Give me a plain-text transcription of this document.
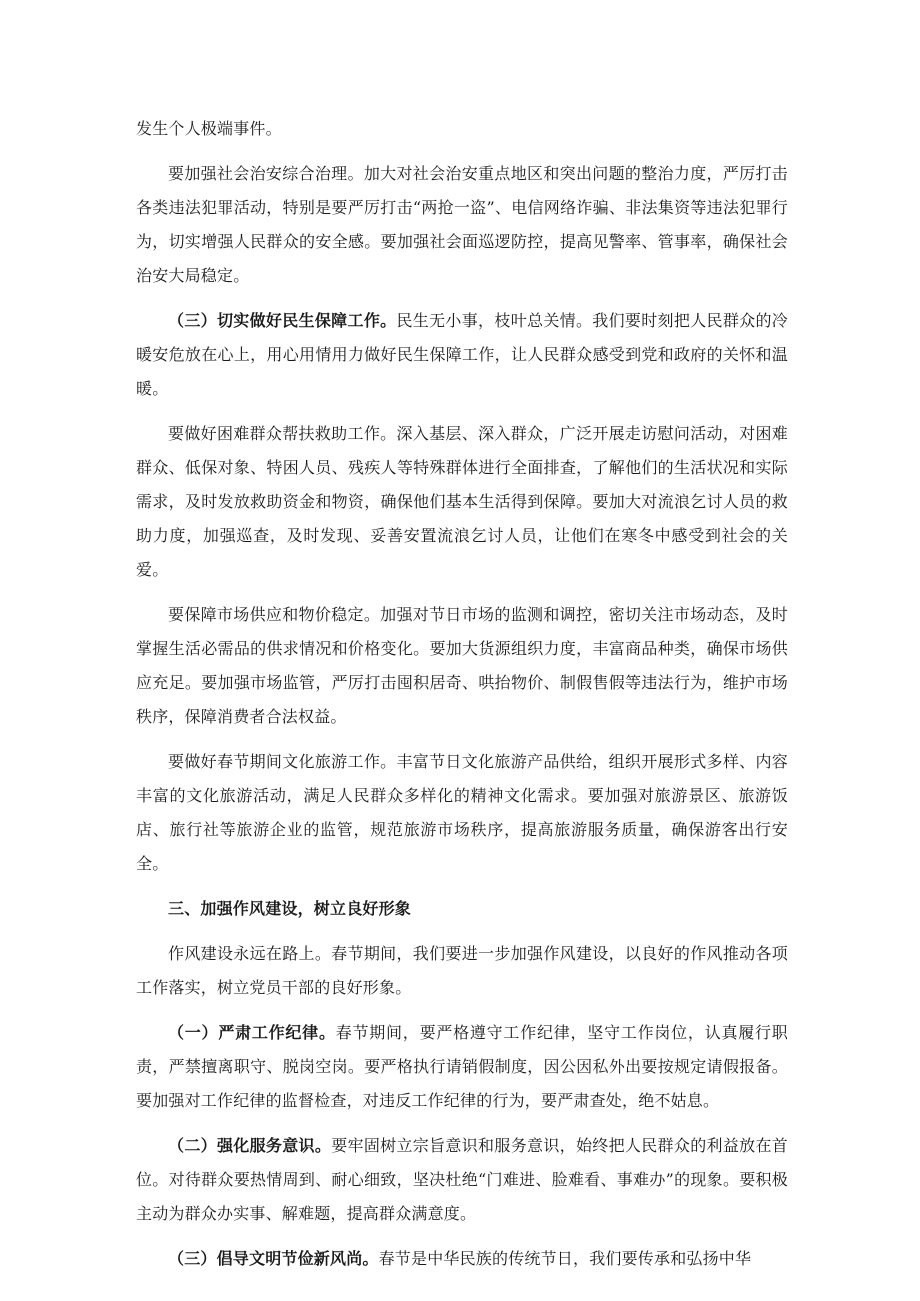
发生个人极端事件。

要加强社会治安综合治理。加大对社会治安重点地区和突出问题的整治力度，严厉打击各类违法犯罪活动，特别是要严厉打击“两抢一盗”、电信网络诈骗、非法集资等违法犯罪行为，切实增强人民群众的安全感。要加强社会面巡逻防控，提高见警率、管事率，确保社会治安大局稳定。

（三）切实做好民生保障工作。民生无小事，枝叶总关情。我们要时刻把人民群众的冷暖安危放在心上，用心用情用力做好民生保障工作，让人民群众感受到党和政府的关怀和温暖。

要做好困难群众帮扶救助工作。深入基层、深入群众，广泛开展走访慰问活动，对困难群众、低保对象、特困人员、残疾人等特殊群体进行全面排查，了解他们的生活状况和实际需求，及时发放救助资金和物资，确保他们基本生活得到保障。要加大对流浪乞讨人员的救助力度，加强巡查，及时发现、妥善安置流浪乞讨人员，让他们在寒冬中感受到社会的关爱。

要保障市场供应和物价稳定。加强对节日市场的监测和调控，密切关注市场动态，及时掌握生活必需品的供求情况和价格变化。要加大货源组织力度，丰富商品种类，确保市场供应充足。要加强市场监管，严厉打击囤积居奇、哄抬物价、制假售假等违法行为，维护市场秩序，保障消费者合法权益。

要做好春节期间文化旅游工作。丰富节日文化旅游产品供给，组织开展形式多样、内容丰富的文化旅游活动，满足人民群众多样化的精神文化需求。要加强对旅游景区、旅游饭店、旅行社等旅游企业的监管，规范旅游市场秩序，提高旅游服务质量，确保游客出行安全。

三、加强作风建设，树立良好形象

作风建设永远在路上。春节期间，我们要进一步加强作风建设，以良好的作风推动各项工作落实，树立党员干部的良好形象。

（一）严肃工作纪律。春节期间，要严格遵守工作纪律，坚守工作岗位，认真履行职责，严禁擅离职守、脱岗空岗。要严格执行请销假制度，因公因私外出要按规定请假报备。要加强对工作纪律的监督检查，对违反工作纪律的行为，要严肃查处，绝不姑息。

（二）强化服务意识。要牢固树立宗旨意识和服务意识，始终把人民群众的利益放在首位。对待群众要热情周到、耐心细致，坚决杜绝“门难进、脸难看、事难办”的现象。要积极主动为群众办实事、解难题，提高群众满意度。

（三）倡导文明节俭新风尚。春节是中华民族的传统节日，我们要传承和弘扬中华
